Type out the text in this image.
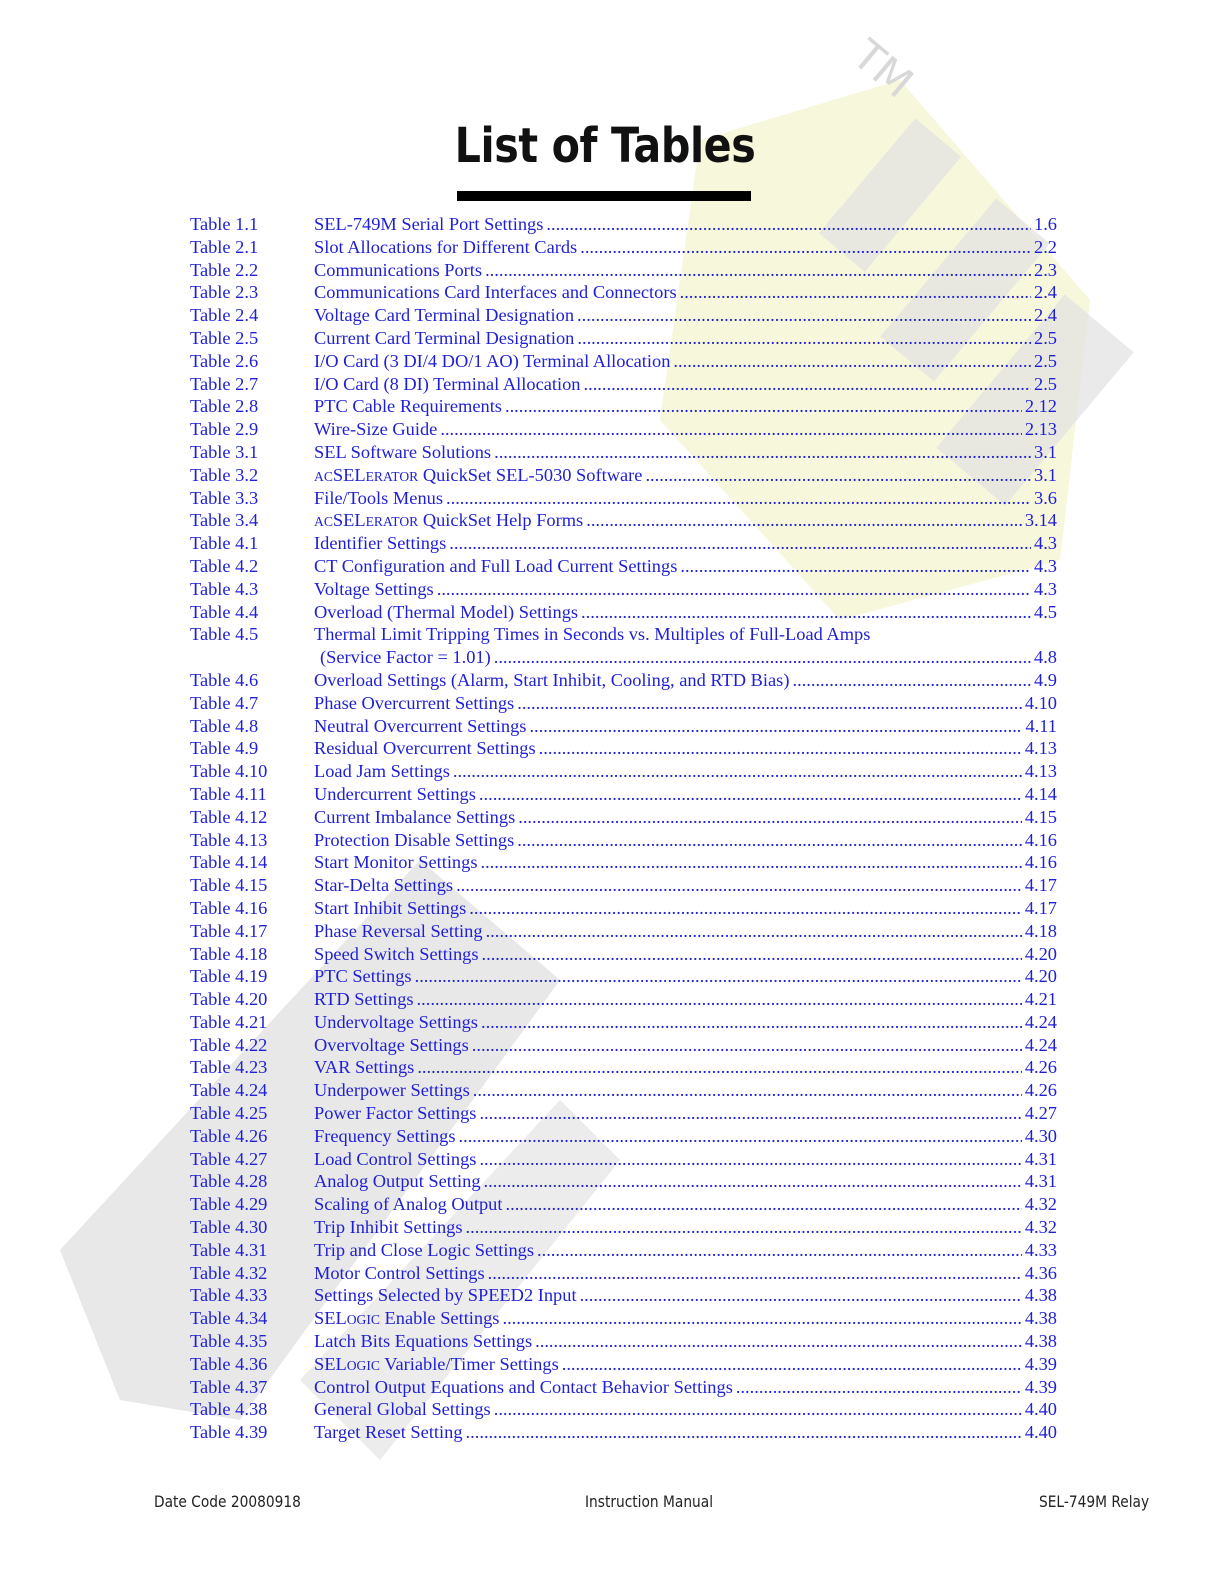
TM
List of Tables
Table 1.1	SEL-749M Serial Port Settings .....	1.6
Table 2.1	Slot Allocations for Different Cards .....	2.2
Table 2.2	Communications Ports .....	2.3
Table 2.3	Communications Card Interfaces and Connectors .....	2.4
Table 2.4	Voltage Card Terminal Designation .....	2.4
Table 2.5	Current Card Terminal Designation .....	2.5
Table 2.6	I/O Card (3 DI/4 DO/1 AO) Terminal Allocation .....	2.5
Table 2.7	I/O Card (8 DI) Terminal Allocation .....	2.5
Table 2.8	PTC Cable Requirements .....	2.12
Table 2.9	Wire-Size Guide .....	2.13
Table 3.1	SEL Software Solutions .....	3.1
Table 3.2	ACSELERATOR QuickSet SEL-5030 Software .....	3.1
Table 3.3	File/Tools Menus .....	3.6
Table 3.4	ACSELERATOR QuickSet Help Forms .....	3.14
Table 4.1	Identifier Settings .....	4.3
Table 4.2	CT Configuration and Full Load Current Settings .....	4.3
Table 4.3	Voltage Settings .....	4.3
Table 4.4	Overload (Thermal Model) Settings .....	4.5
Table 4.5	Thermal Limit Tripping Times in Seconds vs. Multiples of Full-Load Amps
(Service Factor = 1.01) .....	4.8
Table 4.6	Overload Settings (Alarm, Start Inhibit, Cooling, and RTD Bias) .....	4.9
Table 4.7	Phase Overcurrent Settings .....	4.10
Table 4.8	Neutral Overcurrent Settings .....	4.11
Table 4.9	Residual Overcurrent Settings .....	4.13
Table 4.10	Load Jam Settings .....	4.13
Table 4.11	Undercurrent Settings .....	4.14
Table 4.12	Current Imbalance Settings .....	4.15
Table 4.13	Protection Disable Settings .....	4.16
Table 4.14	Start Monitor Settings .....	4.16
Table 4.15	Star-Delta Settings .....	4.17
Table 4.16	Start Inhibit Settings .....	4.17
Table 4.17	Phase Reversal Setting .....	4.18
Table 4.18	Speed Switch Settings .....	4.20
Table 4.19	PTC Settings .....	4.20
Table 4.20	RTD Settings .....	4.21
Table 4.21	Undervoltage Settings .....	4.24
Table 4.22	Overvoltage Settings .....	4.24
Table 4.23	VAR Settings .....	4.26
Table 4.24	Underpower Settings .....	4.26
Table 4.25	Power Factor Settings .....	4.27
Table 4.26	Frequency Settings .....	4.30
Table 4.27	Load Control Settings .....	4.31
Table 4.28	Analog Output Setting .....	4.31
Table 4.29	Scaling of Analog Output .....	4.32
Table 4.30	Trip Inhibit Settings .....	4.32
Table 4.31	Trip and Close Logic Settings .....	4.33
Table 4.32	Motor Control Settings .....	4.36
Table 4.33	Settings Selected by SPEED2 Input .....	4.38
Table 4.34	SELOGIC Enable Settings .....	4.38
Table 4.35	Latch Bits Equations Settings .....	4.38
Table 4.36	SELOGIC Variable/Timer Settings .....	4.39
Table 4.37	Control Output Equations and Contact Behavior Settings .....	4.39
Table 4.38	General Global Settings .....	4.40
Table 4.39	Target Reset Setting .....	4.40
Date Code 20080918	Instruction Manual	SEL-749M Relay
